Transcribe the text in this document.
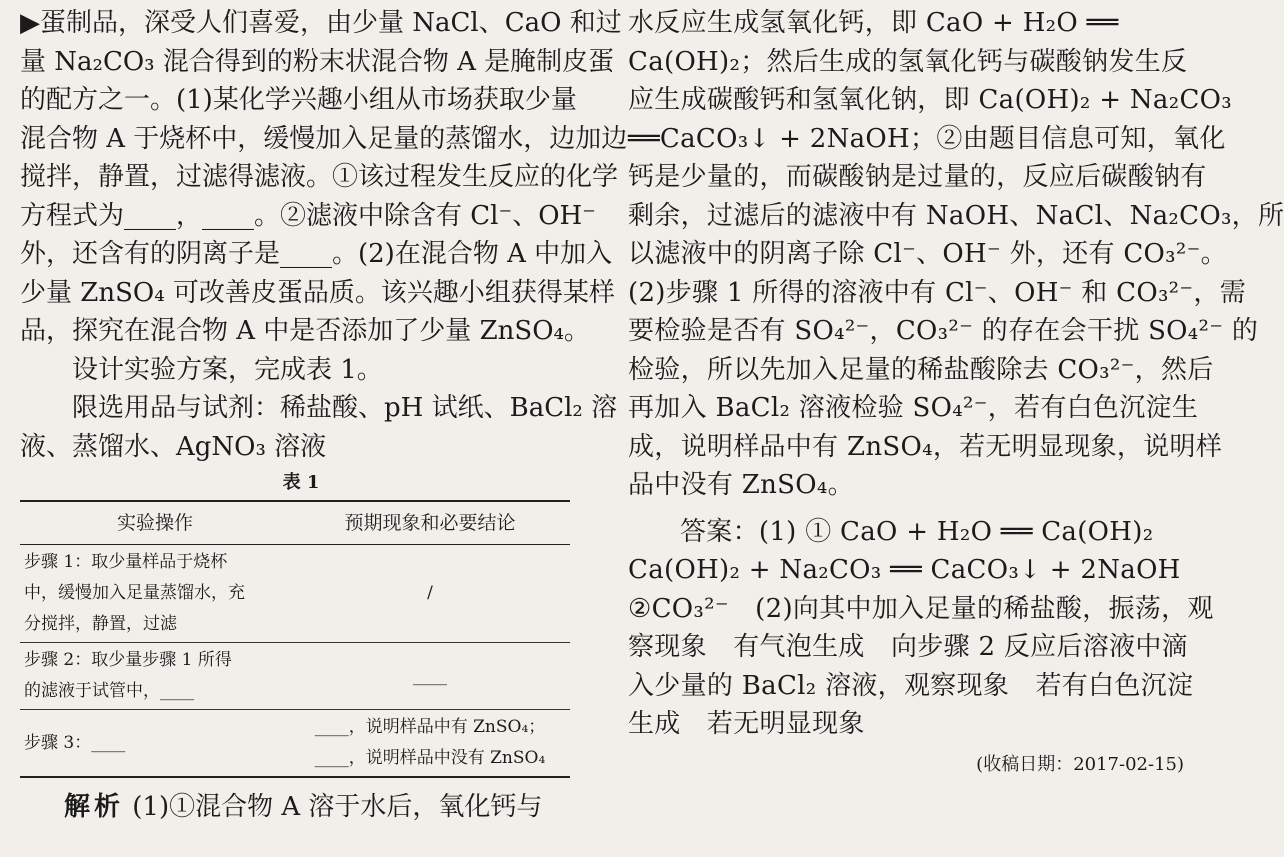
▶蛋制品，深受人们喜爱，由少量 NaCl、CaO 和过
量 Na₂CO₃ 混合得到的粉末状混合物 A 是腌制皮蛋
的配方之一。(1)某化学兴趣小组从市场获取少量
混合物 A 于烧杯中，缓慢加入足量的蒸馏水，边加边
搅拌，静置，过滤得滤液。①该过程发生反应的化学
方程式为____，____。②滤液中除含有 Cl⁻、OH⁻
外，还含有的阴离子是____。(2)在混合物 A 中加入
少量 ZnSO₄ 可改善皮蛋品质。该兴趣小组获得某样
品，探究在混合物 A 中是否添加了少量 ZnSO₄。
设计实验方案，完成表 1。
限选用品与试剂：稀盐酸、pH 试纸、BaCl₂ 溶
液、蒸馏水、AgNO₃ 溶液
表 1
实验操作	预期现象和必要结论

步骤 1：取少量样品于烧杯
中，缓慢加入足量蒸馏水，充
分搅拌，静置，过滤	/

步骤 2：取少量步骤 1 所得
的滤液于试管中，____	____

步骤 3：____	____，说明样品中有 ZnSO₄；
____，说明样品中没有 ZnSO₄
解析 (1)①混合物 A 溶于水后，氧化钙与
水反应生成氢氧化钙，即 CaO + H₂O ══
Ca(OH)₂；然后生成的氢氧化钙与碳酸钠发生反
应生成碳酸钙和氢氧化钠，即 Ca(OH)₂ + Na₂CO₃
══CaCO₃↓ + 2NaOH；②由题目信息可知，氧化
钙是少量的，而碳酸钠是过量的，反应后碳酸钠有
剩余，过滤后的滤液中有 NaOH、NaCl、Na₂CO₃，所
以滤液中的阴离子除 Cl⁻、OH⁻ 外，还有 CO₃²⁻。
(2)步骤 1 所得的溶液中有 Cl⁻、OH⁻ 和 CO₃²⁻，需
要检验是否有 SO₄²⁻，CO₃²⁻ 的存在会干扰 SO₄²⁻ 的
检验，所以先加入足量的稀盐酸除去 CO₃²⁻，然后
再加入 BaCl₂ 溶液检验 SO₄²⁻，若有白色沉淀生
成，说明样品中有 ZnSO₄，若无明显现象，说明样
品中没有 ZnSO₄。
答案：(1) ① CaO + H₂O ══ Ca(OH)₂
Ca(OH)₂ + Na₂CO₃ ══ CaCO₃↓ + 2NaOH
②CO₃²⁻　(2)向其中加入足量的稀盐酸，振荡，观
察现象　有气泡生成　向步骤 2 反应后溶液中滴
入少量的 BaCl₂ 溶液，观察现象　若有白色沉淀
生成　若无明显现象
(收稿日期：2017-02-15)
